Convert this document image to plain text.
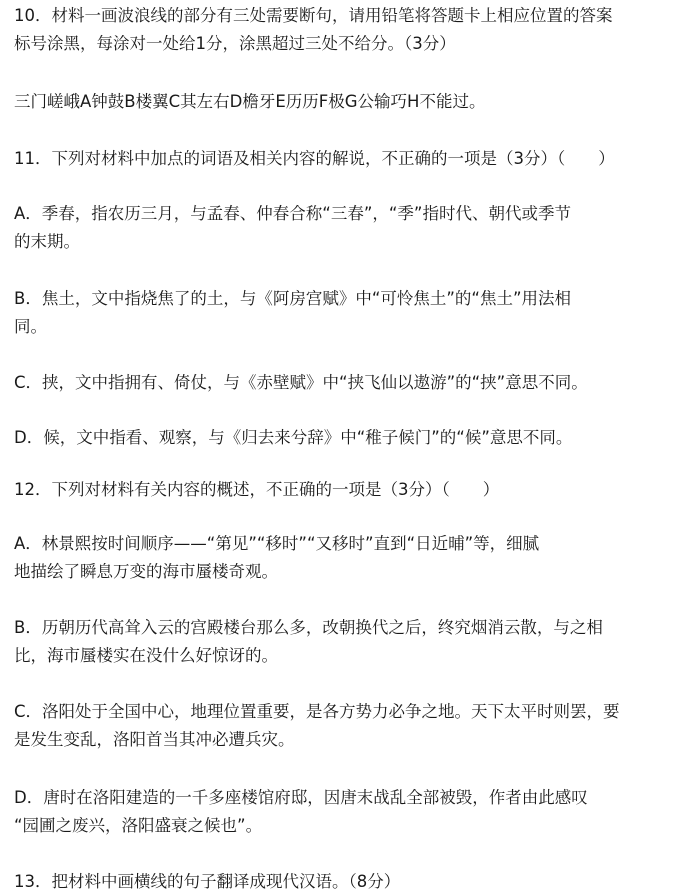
10．材料一画波浪线的部分有三处需要断句，请用铅笔将答题卡上相应位置的答案
标号涂黑，每涂对一处给1分，涂黑超过三处不给分。（3分）

三门嵯峨A钟鼓B楼翼C其左右D檐牙E历历F极G公输巧H不能过。

11．下列对材料中加点的词语及相关内容的解说，不正确的一项是（3分）（　　）

A．季春，指农历三月，与孟春、仲春合称“三春”，“季”指时代、朝代或季节
的末期。

B．焦土，文中指烧焦了的土，与《阿房宫赋》中“可怜焦土”的“焦土”用法相
同。

C．挟，文中指拥有、倚仗，与《赤壁赋》中“挟飞仙以遨游”的“挟”意思不同。

D．候，文中指看、观察，与《归去来兮辞》中“稚子候门”的“候”意思不同。

12．下列对材料有关内容的概述，不正确的一项是（3分）（　　）

A．林景熙按时间顺序——“第见”“移时”“又移时”直到“日近晡”等，细腻
地描绘了瞬息万变的海市蜃楼奇观。

B．历朝历代高耸入云的宫殿楼台那么多，改朝换代之后，终究烟消云散，与之相
比，海市蜃楼实在没什么好惊讶的。

C．洛阳处于全国中心，地理位置重要，是各方势力必争之地。天下太平时则罢，要
是发生变乱，洛阳首当其冲必遭兵灾。

D．唐时在洛阳建造的一千多座楼馆府邸，因唐末战乱全部被毁，作者由此感叹
“园圃之废兴，洛阳盛衰之候也”。

13．把材料中画横线的句子翻译成现代汉语。（8分）
